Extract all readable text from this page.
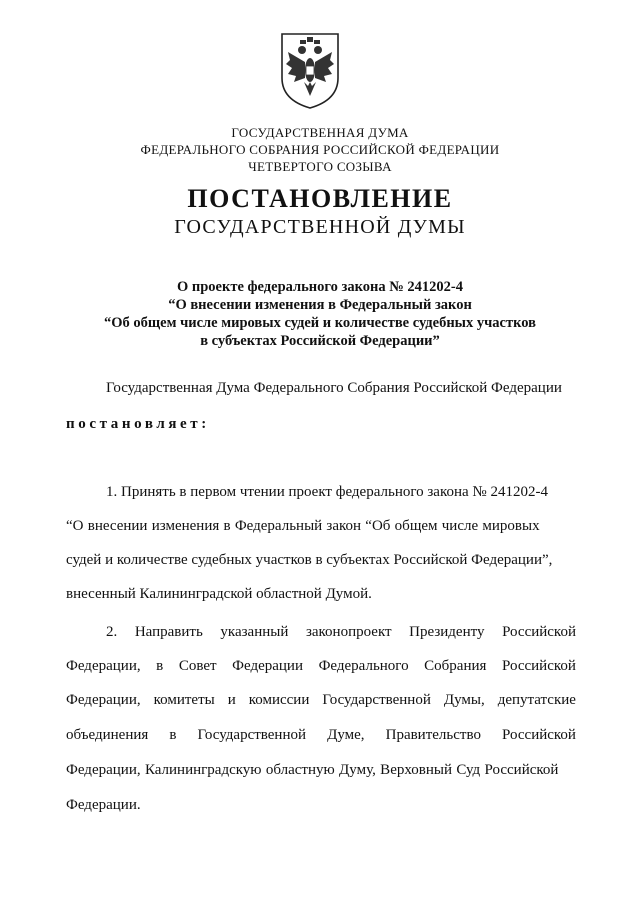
ГОСУДАРСТВЕННАЯ ДУМА
ФЕДЕРАЛЬНОГО СОБРАНИЯ РОССИЙСКОЙ ФЕДЕРАЦИИ
ЧЕТВЕРТОГО СОЗЫВА
ПОСТАНОВЛЕНИЕ
ГОСУДАРСТВЕННОЙ ДУМЫ
О проекте федерального закона № 241202-4
“О внесении изменения в Федеральный закон
“Об общем числе мировых судей и количестве судебных участков
в субъектах Российской Федерации”
Государственная Дума Федерального Собрания Российской Федерации
постановляет:
1. Принять в первом чтении проект федерального закона № 241202-4
“О внесении изменения в Федеральный закон “Об общем числе мировых
судей и количестве судебных участков в субъектах Российской Федерации”,
внесенный Калининградской областной Думой.
2. Направить указанный законопроект Президенту Российской
Федерации, в Совет Федерации Федерального Собрания Российской
Федерации, комитеты и комиссии Государственной Думы, депутатские
объединения в Государственной Думе, Правительство Российской
Федерации, Калининградскую областную Думу, Верховный Суд Российской
Федерации.
